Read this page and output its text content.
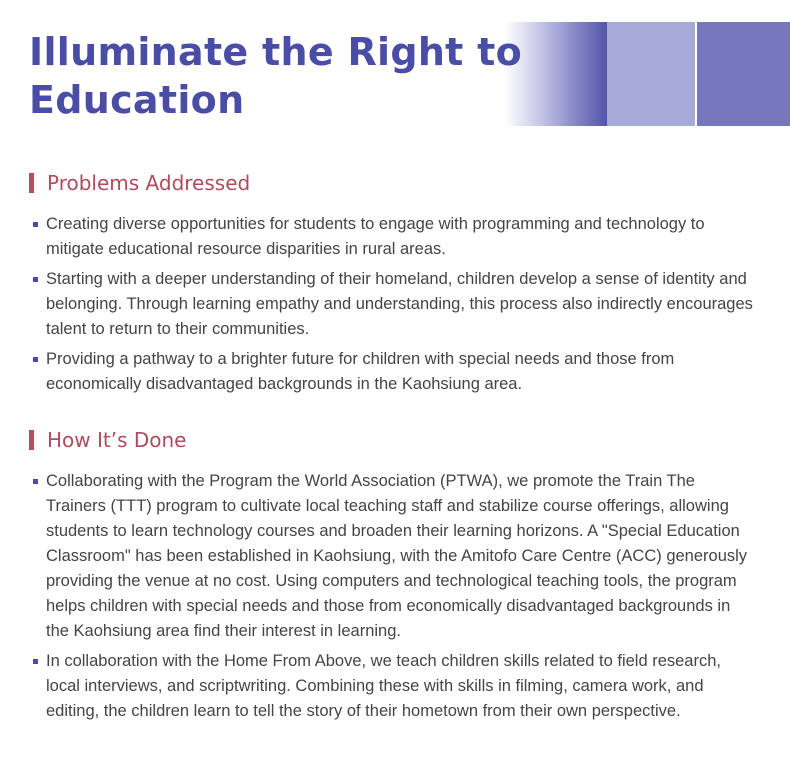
Illuminate the Right to
Education
Problems Addressed
Creating diverse opportunities for students to engage with programming and technology to mitigate educational resource disparities in rural areas.
Starting with a deeper understanding of their homeland, children develop a sense of identity and belonging. Through learning empathy and understanding, this process also indirectly encourages talent to return to their communities.
Providing a pathway to a brighter future for children with special needs and those from economically disadvantaged backgrounds in the Kaohsiung area.
How It’s Done
Collaborating with the Program the World Association (PTWA), we promote the Train The Trainers (TTT) program to cultivate local teaching staff and stabilize course offerings, allowing students to learn technology courses and broaden their learning horizons. A "Special Education Classroom" has been established in Kaohsiung, with the Amitofo Care Centre (ACC) generously providing the venue at no cost. Using computers and technological teaching tools, the program helps children with special needs and those from economically disadvantaged backgrounds in the Kaohsiung area find their interest in learning.
In collaboration with the Home From Above, we teach children skills related to field research, local interviews, and scriptwriting. Combining these with skills in filming, camera work, and editing, the children learn to tell the story of their hometown from their own perspective.
